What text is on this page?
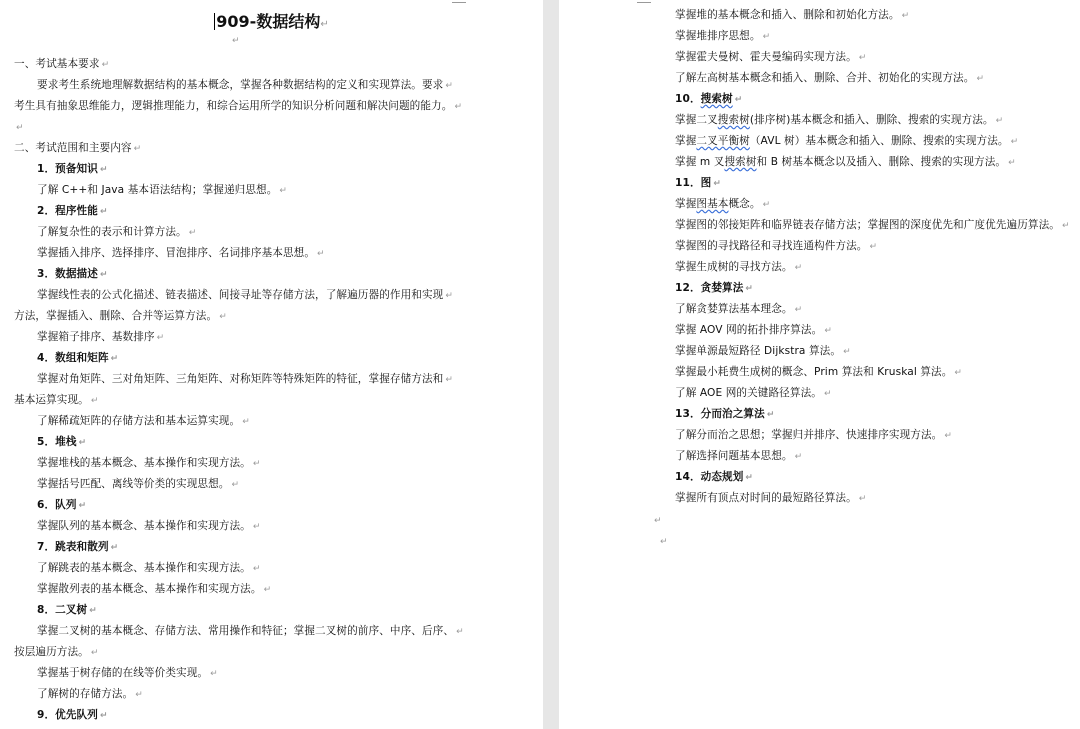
909-数据结构↵
↵
一、考试基本要求 ↵
要求考生系统地理解数据结构的基本概念，掌握各种数据结构的定义和实现算法。要求 ↵
考生具有抽象思维能力，逻辑推理能力，和综合运用所学的知识分析问题和解决问题的能力。 ↵
↵
二、考试范围和主要内容 ↵
1．预备知识 ↵
了解 C++和 Java 基本语法结构；掌握递归思想。 ↵
2．程序性能 ↵
了解复杂性的表示和计算方法。 ↵
掌握插入排序、选择排序、冒泡排序、名词排序基本思想。 ↵
3．数据描述 ↵
掌握线性表的公式化描述、链表描述、间接寻址等存储方法，了解遍历器的作用和实现 ↵
方法，掌握插入、删除、合并等运算方法。 ↵
掌握箱子排序、基数排序 ↵
4．数组和矩阵 ↵
掌握对角矩阵、三对角矩阵、三角矩阵、对称矩阵等特殊矩阵的特征，掌握存储方法和 ↵
基本运算实现。 ↵
了解稀疏矩阵的存储方法和基本运算实现。 ↵
5．堆栈 ↵
掌握堆栈的基本概念、基本操作和实现方法。 ↵
掌握括号匹配、离线等价类的实现思想。 ↵
6．队列 ↵
掌握队列的基本概念、基本操作和实现方法。 ↵
7．跳表和散列 ↵
了解跳表的基本概念、基本操作和实现方法。 ↵
掌握散列表的基本概念、基本操作和实现方法。 ↵
8．二叉树 ↵
掌握二叉树的基本概念、存储方法、常用操作和特征；掌握二叉树的前序、中序、后序、 ↵
按层遍历方法。 ↵
掌握基于树存储的在线等价类实现。 ↵
了解树的存储方法。 ↵
9．优先队列 ↵
掌握堆的基本概念和插入、删除和初始化方法。 ↵
掌握堆排序思想。 ↵
掌握霍夫曼树、霍夫曼编码实现方法。 ↵
了解左高树基本概念和插入、删除、合并、初始化的实现方法。 ↵
10．搜索树 ↵
掌握二叉搜索树(排序树)基本概念和插入、删除、搜索的实现方法。 ↵
掌握二叉平衡树（AVL 树）基本概念和插入、删除、搜索的实现方法。 ↵
掌握 m 叉搜索树和 B 树基本概念以及插入、删除、搜索的实现方法。 ↵
11．图 ↵
掌握图基本概念。 ↵
掌握图的邻接矩阵和临界链表存储方法；掌握图的深度优先和广度优先遍历算法。 ↵
掌握图的寻找路径和寻找连通构件方法。 ↵
掌握生成树的寻找方法。 ↵
12．贪婪算法 ↵
了解贪婪算法基本理念。 ↵
掌握 AOV 网的拓扑排序算法。 ↵
掌握单源最短路径 Dijkstra 算法。 ↵
掌握最小耗费生成树的概念、Prim 算法和 Kruskal 算法。 ↵
了解 AOE 网的关键路径算法。 ↵
13．分而治之算法 ↵
了解分而治之思想；掌握归并排序、快速排序实现方法。 ↵
了解选择问题基本思想。 ↵
14．动态规划 ↵
掌握所有顶点对时间的最短路径算法。 ↵
↵
↵
